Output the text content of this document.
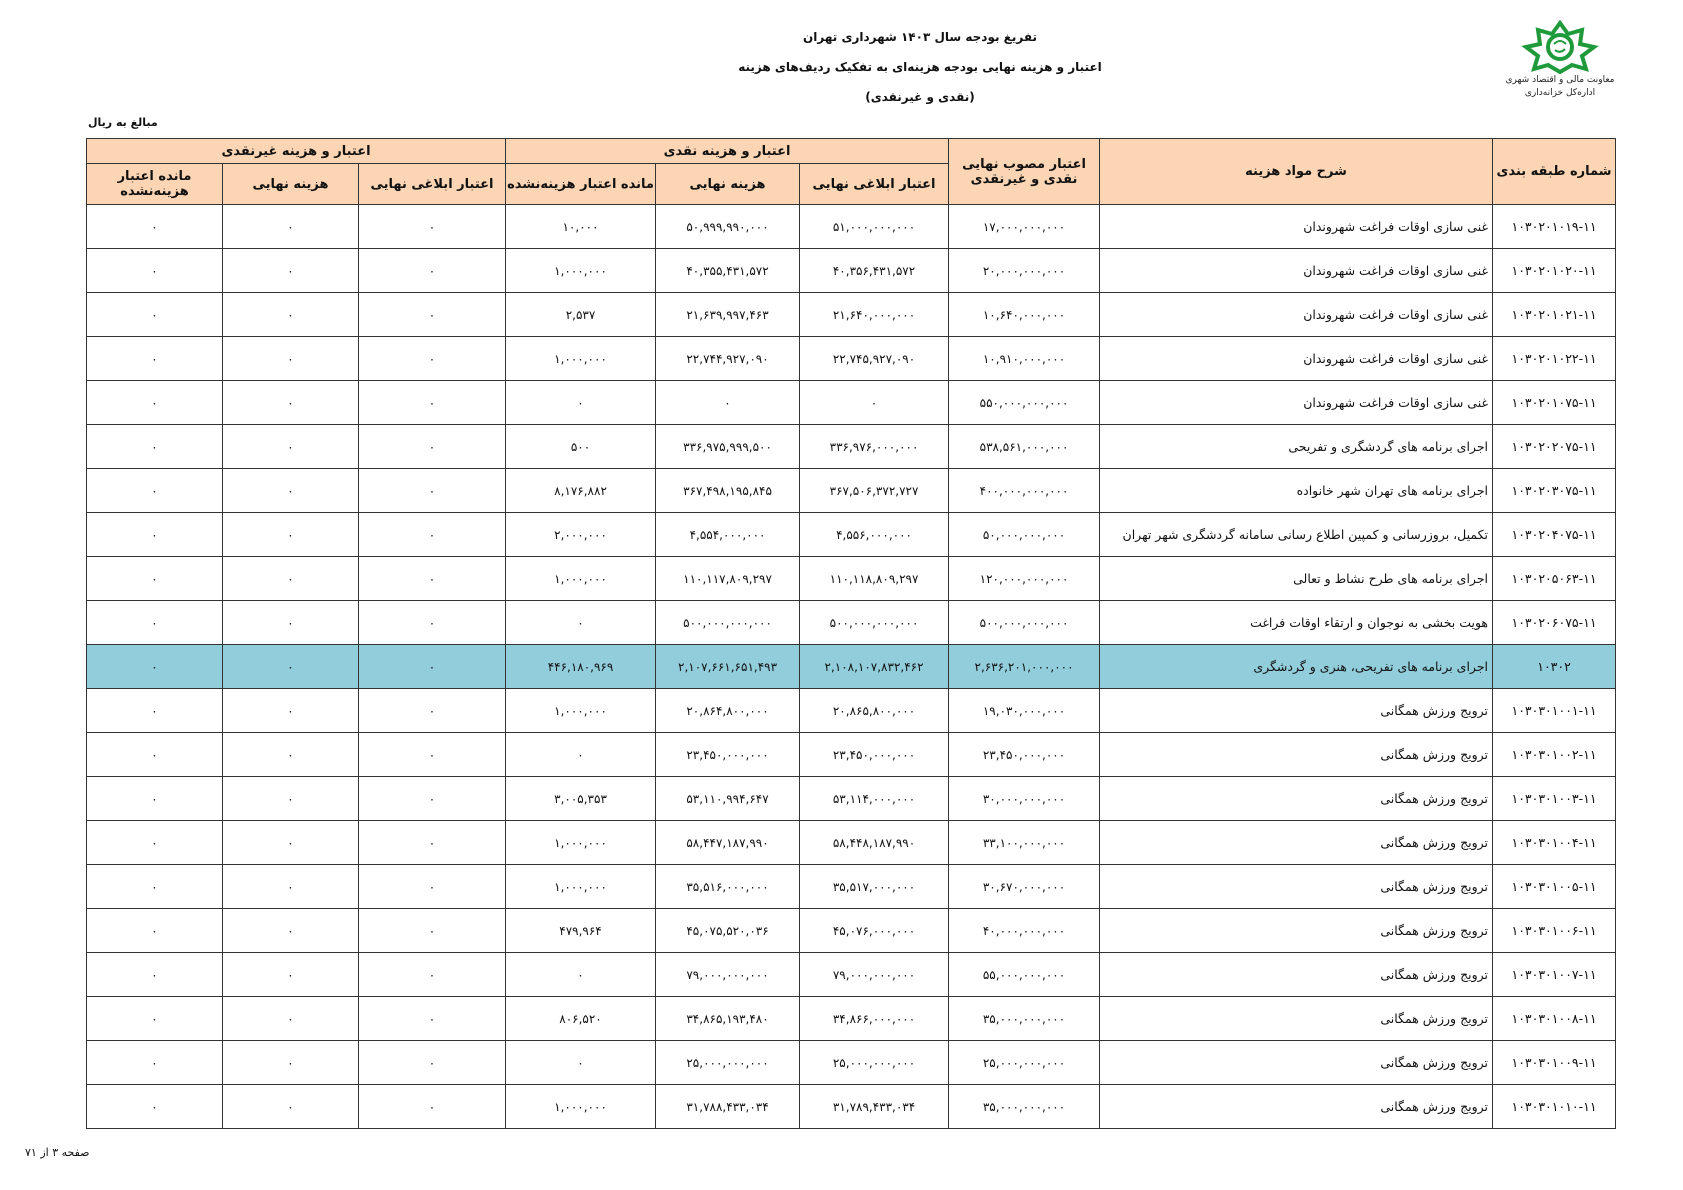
تفریغ بودجه سال ۱۴۰۳ شهرداری تهران
اعتبار و هزینه نهایی بودجه هزینه‌ای به تفکیک ردیف‌های هزینه
(نقدی و غیرنقدی)
معاونت مالی و اقتصاد شهری
اداره‌کل خزانه‌داری
مبالغ به ریال
شماره طبقه بندی	شرح مواد هزینه	اعتبار مصوب نهایی نقدی و غیرنقدی	اعتبار و هزینه نقدی			اعتبار و هزینه غیرنقدی		
			اعتبار ابلاغی نهایی	هزینه نهایی	مانده اعتبار هزینه‌نشده	اعتبار ابلاغی نهایی	هزینه نهایی	مانده اعتبار هزینه‌نشده
۱۰۳۰۲۰۱۰۱۹-۱۱	غنی سازی اوقات فراغت شهروندان	۱۷,۰۰۰,۰۰۰,۰۰۰	۵۱,۰۰۰,۰۰۰,۰۰۰	۵۰,۹۹۹,۹۹۰,۰۰۰	۱۰,۰۰۰	۰	۰	۰
۱۰۳۰۲۰۱۰۲۰-۱۱	غنی سازی اوقات فراغت شهروندان	۲۰,۰۰۰,۰۰۰,۰۰۰	۴۰,۳۵۶,۴۳۱,۵۷۲	۴۰,۳۵۵,۴۳۱,۵۷۲	۱,۰۰۰,۰۰۰	۰	۰	۰
۱۰۳۰۲۰۱۰۲۱-۱۱	غنی سازی اوقات فراغت شهروندان	۱۰,۶۴۰,۰۰۰,۰۰۰	۲۱,۶۴۰,۰۰۰,۰۰۰	۲۱,۶۳۹,۹۹۷,۴۶۳	۲,۵۳۷	۰	۰	۰
۱۰۳۰۲۰۱۰۲۲-۱۱	غنی سازی اوقات فراغت شهروندان	۱۰,۹۱۰,۰۰۰,۰۰۰	۲۲,۷۴۵,۹۲۷,۰۹۰	۲۲,۷۴۴,۹۲۷,۰۹۰	۱,۰۰۰,۰۰۰	۰	۰	۰
۱۰۳۰۲۰۱۰۷۵-۱۱	غنی سازی اوقات فراغت شهروندان	۵۵۰,۰۰۰,۰۰۰,۰۰۰	۰	۰	۰	۰	۰	۰
۱۰۳۰۲۰۲۰۷۵-۱۱	اجرای برنامه های گردشگری و تفریحی	۵۳۸,۵۶۱,۰۰۰,۰۰۰	۳۳۶,۹۷۶,۰۰۰,۰۰۰	۳۳۶,۹۷۵,۹۹۹,۵۰۰	۵۰۰	۰	۰	۰
۱۰۳۰۲۰۳۰۷۵-۱۱	اجرای برنامه های تهران شهر خانواده	۴۰۰,۰۰۰,۰۰۰,۰۰۰	۳۶۷,۵۰۶,۳۷۲,۷۲۷	۳۶۷,۴۹۸,۱۹۵,۸۴۵	۸,۱۷۶,۸۸۲	۰	۰	۰
۱۰۳۰۲۰۴۰۷۵-۱۱	تکمیل، بروزرسانی و کمپین اطلاع رسانی سامانه گردشگری شهر تهران	۵۰,۰۰۰,۰۰۰,۰۰۰	۴,۵۵۶,۰۰۰,۰۰۰	۴,۵۵۴,۰۰۰,۰۰۰	۲,۰۰۰,۰۰۰	۰	۰	۰
۱۰۳۰۲۰۵۰۶۳-۱۱	اجرای برنامه های طرح نشاط و تعالی	۱۲۰,۰۰۰,۰۰۰,۰۰۰	۱۱۰,۱۱۸,۸۰۹,۲۹۷	۱۱۰,۱۱۷,۸۰۹,۲۹۷	۱,۰۰۰,۰۰۰	۰	۰	۰
۱۰۳۰۲۰۶۰۷۵-۱۱	هویت بخشی به نوجوان و ارتقاء اوقات فراغت	۵۰۰,۰۰۰,۰۰۰,۰۰۰	۵۰۰,۰۰۰,۰۰۰,۰۰۰	۵۰۰,۰۰۰,۰۰۰,۰۰۰	۰	۰	۰	۰
۱۰۳۰۲	اجرای برنامه های تفریحی، هنری و گردشگری	۲,۶۳۶,۲۰۱,۰۰۰,۰۰۰	۲,۱۰۸,۱۰۷,۸۳۲,۴۶۲	۲,۱۰۷,۶۶۱,۶۵۱,۴۹۳	۴۴۶,۱۸۰,۹۶۹	۰	۰	۰
۱۰۳۰۳۰۱۰۰۱-۱۱	ترویج ورزش همگانی	۱۹,۰۳۰,۰۰۰,۰۰۰	۲۰,۸۶۵,۸۰۰,۰۰۰	۲۰,۸۶۴,۸۰۰,۰۰۰	۱,۰۰۰,۰۰۰	۰	۰	۰
۱۰۳۰۳۰۱۰۰۲-۱۱	ترویج ورزش همگانی	۲۳,۴۵۰,۰۰۰,۰۰۰	۲۳,۴۵۰,۰۰۰,۰۰۰	۲۳,۴۵۰,۰۰۰,۰۰۰	۰	۰	۰	۰
۱۰۳۰۳۰۱۰۰۳-۱۱	ترویج ورزش همگانی	۳۰,۰۰۰,۰۰۰,۰۰۰	۵۳,۱۱۴,۰۰۰,۰۰۰	۵۳,۱۱۰,۹۹۴,۶۴۷	۳,۰۰۵,۳۵۳	۰	۰	۰
۱۰۳۰۳۰۱۰۰۴-۱۱	ترویج ورزش همگانی	۳۳,۱۰۰,۰۰۰,۰۰۰	۵۸,۴۴۸,۱۸۷,۹۹۰	۵۸,۴۴۷,۱۸۷,۹۹۰	۱,۰۰۰,۰۰۰	۰	۰	۰
۱۰۳۰۳۰۱۰۰۵-۱۱	ترویج ورزش همگانی	۳۰,۶۷۰,۰۰۰,۰۰۰	۳۵,۵۱۷,۰۰۰,۰۰۰	۳۵,۵۱۶,۰۰۰,۰۰۰	۱,۰۰۰,۰۰۰	۰	۰	۰
۱۰۳۰۳۰۱۰۰۶-۱۱	ترویج ورزش همگانی	۴۰,۰۰۰,۰۰۰,۰۰۰	۴۵,۰۷۶,۰۰۰,۰۰۰	۴۵,۰۷۵,۵۲۰,۰۳۶	۴۷۹,۹۶۴	۰	۰	۰
۱۰۳۰۳۰۱۰۰۷-۱۱	ترویج ورزش همگانی	۵۵,۰۰۰,۰۰۰,۰۰۰	۷۹,۰۰۰,۰۰۰,۰۰۰	۷۹,۰۰۰,۰۰۰,۰۰۰	۰	۰	۰	۰
۱۰۳۰۳۰۱۰۰۸-۱۱	ترویج ورزش همگانی	۳۵,۰۰۰,۰۰۰,۰۰۰	۳۴,۸۶۶,۰۰۰,۰۰۰	۳۴,۸۶۵,۱۹۳,۴۸۰	۸۰۶,۵۲۰	۰	۰	۰
۱۰۳۰۳۰۱۰۰۹-۱۱	ترویج ورزش همگانی	۲۵,۰۰۰,۰۰۰,۰۰۰	۲۵,۰۰۰,۰۰۰,۰۰۰	۲۵,۰۰۰,۰۰۰,۰۰۰	۰	۰	۰	۰
۱۰۳۰۳۰۱۰۱۰-۱۱	ترویج ورزش همگانی	۳۵,۰۰۰,۰۰۰,۰۰۰	۳۱,۷۸۹,۴۳۳,۰۳۴	۳۱,۷۸۸,۴۳۳,۰۳۴	۱,۰۰۰,۰۰۰	۰	۰	۰
صفحه ۳ از ۷۱
